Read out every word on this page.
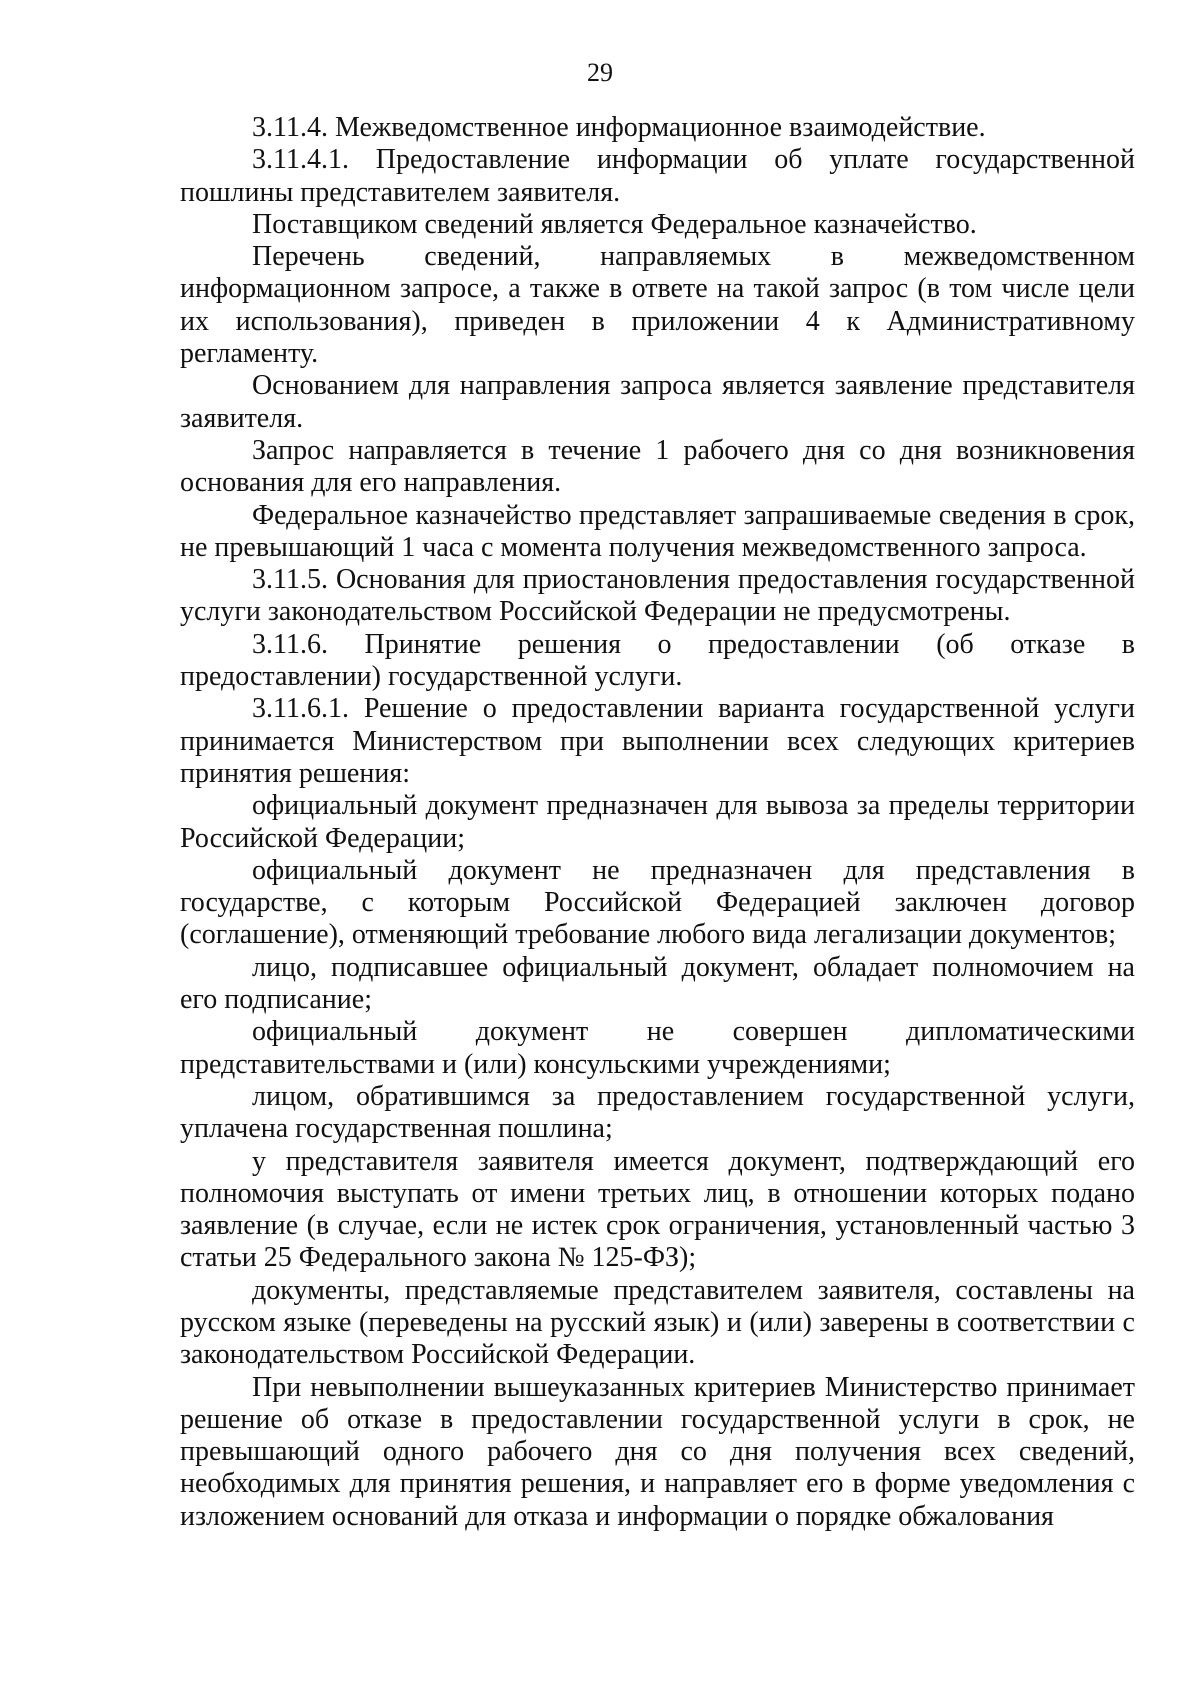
29

3.11.4. Межведомственное информационное взаимодействие.

3.11.4.1. Предоставление информации об уплате государственной пошлины представителем заявителя.

Поставщиком сведений является Федеральное казначейство.

Перечень сведений, направляемых в межведомственном информационном запросе, а также в ответе на такой запрос (в том числе цели их использования), приведен в приложении 4 к Административному регламенту.

Основанием для направления запроса является заявление представителя заявителя.

Запрос направляется в течение 1 рабочего дня со дня возникновения основания для его направления.

Федеральное казначейство представляет запрашиваемые сведения в срок, не превышающий 1 часа с момента получения межведомственного запроса.

3.11.5. Основания для приостановления предоставления государственной услуги законодательством Российской Федерации не предусмотрены.

3.11.6. Принятие решения о предоставлении (об отказе в предоставлении) государственной услуги.

3.11.6.1. Решение о предоставлении варианта государственной услуги принимается Министерством при выполнении всех следующих критериев принятия решения:

официальный документ предназначен для вывоза за пределы территории Российской Федерации;

официальный документ не предназначен для представления в государстве, с которым Российской Федерацией заключен договор (соглашение), отменяющий требование любого вида легализации документов;

лицо, подписавшее официальный документ, обладает полномочием на его подписание;

официальный документ не совершен дипломатическими представительствами и (или) консульскими учреждениями;

лицом, обратившимся за предоставлением государственной услуги, уплачена государственная пошлина;

у представителя заявителя имеется документ, подтверждающий его полномочия выступать от имени третьих лиц, в отношении которых подано заявление (в случае, если не истек срок ограничения, установленный частью 3 статьи 25 Федерального закона № 125-ФЗ);

документы, представляемые представителем заявителя, составлены на русском языке (переведены на русский язык) и (или) заверены в соответствии с законодательством Российской Федерации.

При невыполнении вышеуказанных критериев Министерство принимает решение об отказе в предоставлении государственной услуги в срок, не превышающий одного рабочего дня со дня получения всех сведений, необходимых для принятия решения, и направляет его в форме уведомления с изложением оснований для отказа и информации о порядке обжалования
